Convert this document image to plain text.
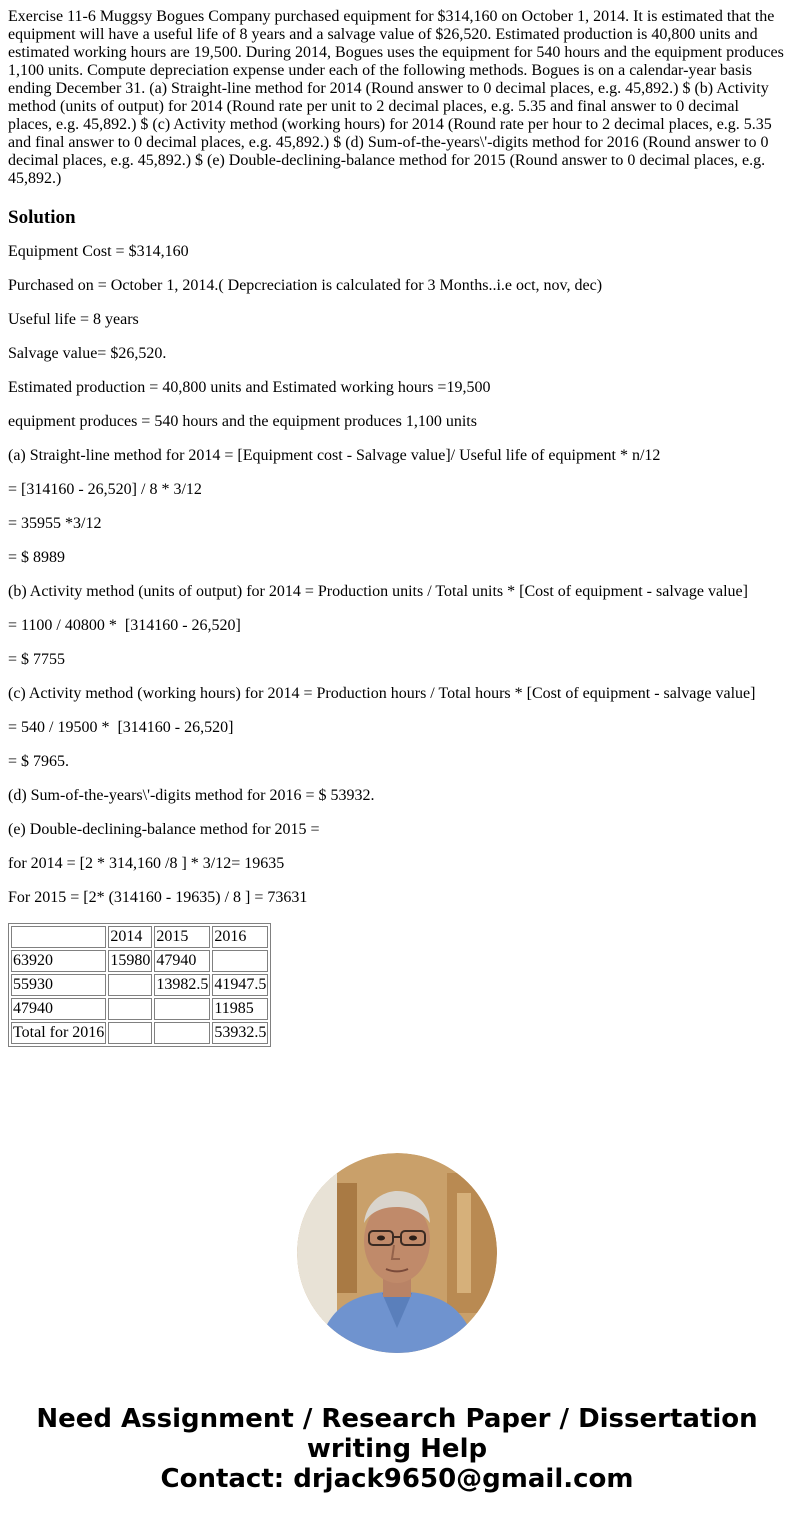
Exercise 11-6 Muggsy Bogues Company purchased equipment for $314,160 on October 1, 2014. It is estimated that the equipment will have a useful life of 8 years and a salvage value of $26,520. Estimated production is 40,800 units and estimated working hours are 19,500. During 2014, Bogues uses the equipment for 540 hours and the equipment produces 1,100 units. Compute depreciation expense under each of the following methods. Bogues is on a calendar-year basis ending December 31. (a) Straight-line method for 2014 (Round answer to 0 decimal places, e.g. 45,892.) $ (b) Activity method (units of output) for 2014 (Round rate per unit to 2 decimal places, e.g. 5.35 and final answer to 0 decimal places, e.g. 45,892.) $ (c) Activity method (working hours) for 2014 (Round rate per hour to 2 decimal places, e.g. 5.35 and final answer to 0 decimal places, e.g. 45,892.) $ (d) Sum-of-the-years\'-digits method for 2016 (Round answer to 0 decimal places, e.g. 45,892.) $ (e) Double-declining-balance method for 2015 (Round answer to 0 decimal places, e.g. 45,892.)

Solution

Equipment Cost = $314,160

Purchased on = October 1, 2014.( Depcreciation is calculated for 3 Months..i.e oct, nov, dec)

Useful life = 8 years

Salvage value= $26,520.

Estimated production = 40,800 units and Estimated working hours =19,500

equipment produces = 540 hours and the equipment produces 1,100 units

(a) Straight-line method for 2014 = [Equipment cost - Salvage value]/ Useful life of equipment * n/12

= [314160 - 26,520] / 8 * 3/12

= 35955 *3/12

= $ 8989

(b) Activity method (units of output) for 2014 = Production units / Total units * [Cost of equipment - salvage value]

= 1100 / 40800 *  [314160 - 26,520]

= $ 7755

(c) Activity method (working hours) for 2014 = Production hours / Total hours * [Cost of equipment - salvage value]

= 540 / 19500 *  [314160 - 26,520]

= $ 7965.

(d) Sum-of-the-years\'-digits method for 2016 = $ 53932.

(e) Double-declining-balance method for 2015 =

for 2014 = [2 * 314,160 /8 ] * 3/12= 19635

For 2015 = [2* (314160 - 19635) / 8 ] = 73631

	2014	2015	2016
63920	15980	47940	
55930		13982.5	41947.5
47940			11985
Total for 2016			53932.5
Need Assignment / Research Paper / Dissertation
writing Help
Contact: drjack9650@gmail.com
